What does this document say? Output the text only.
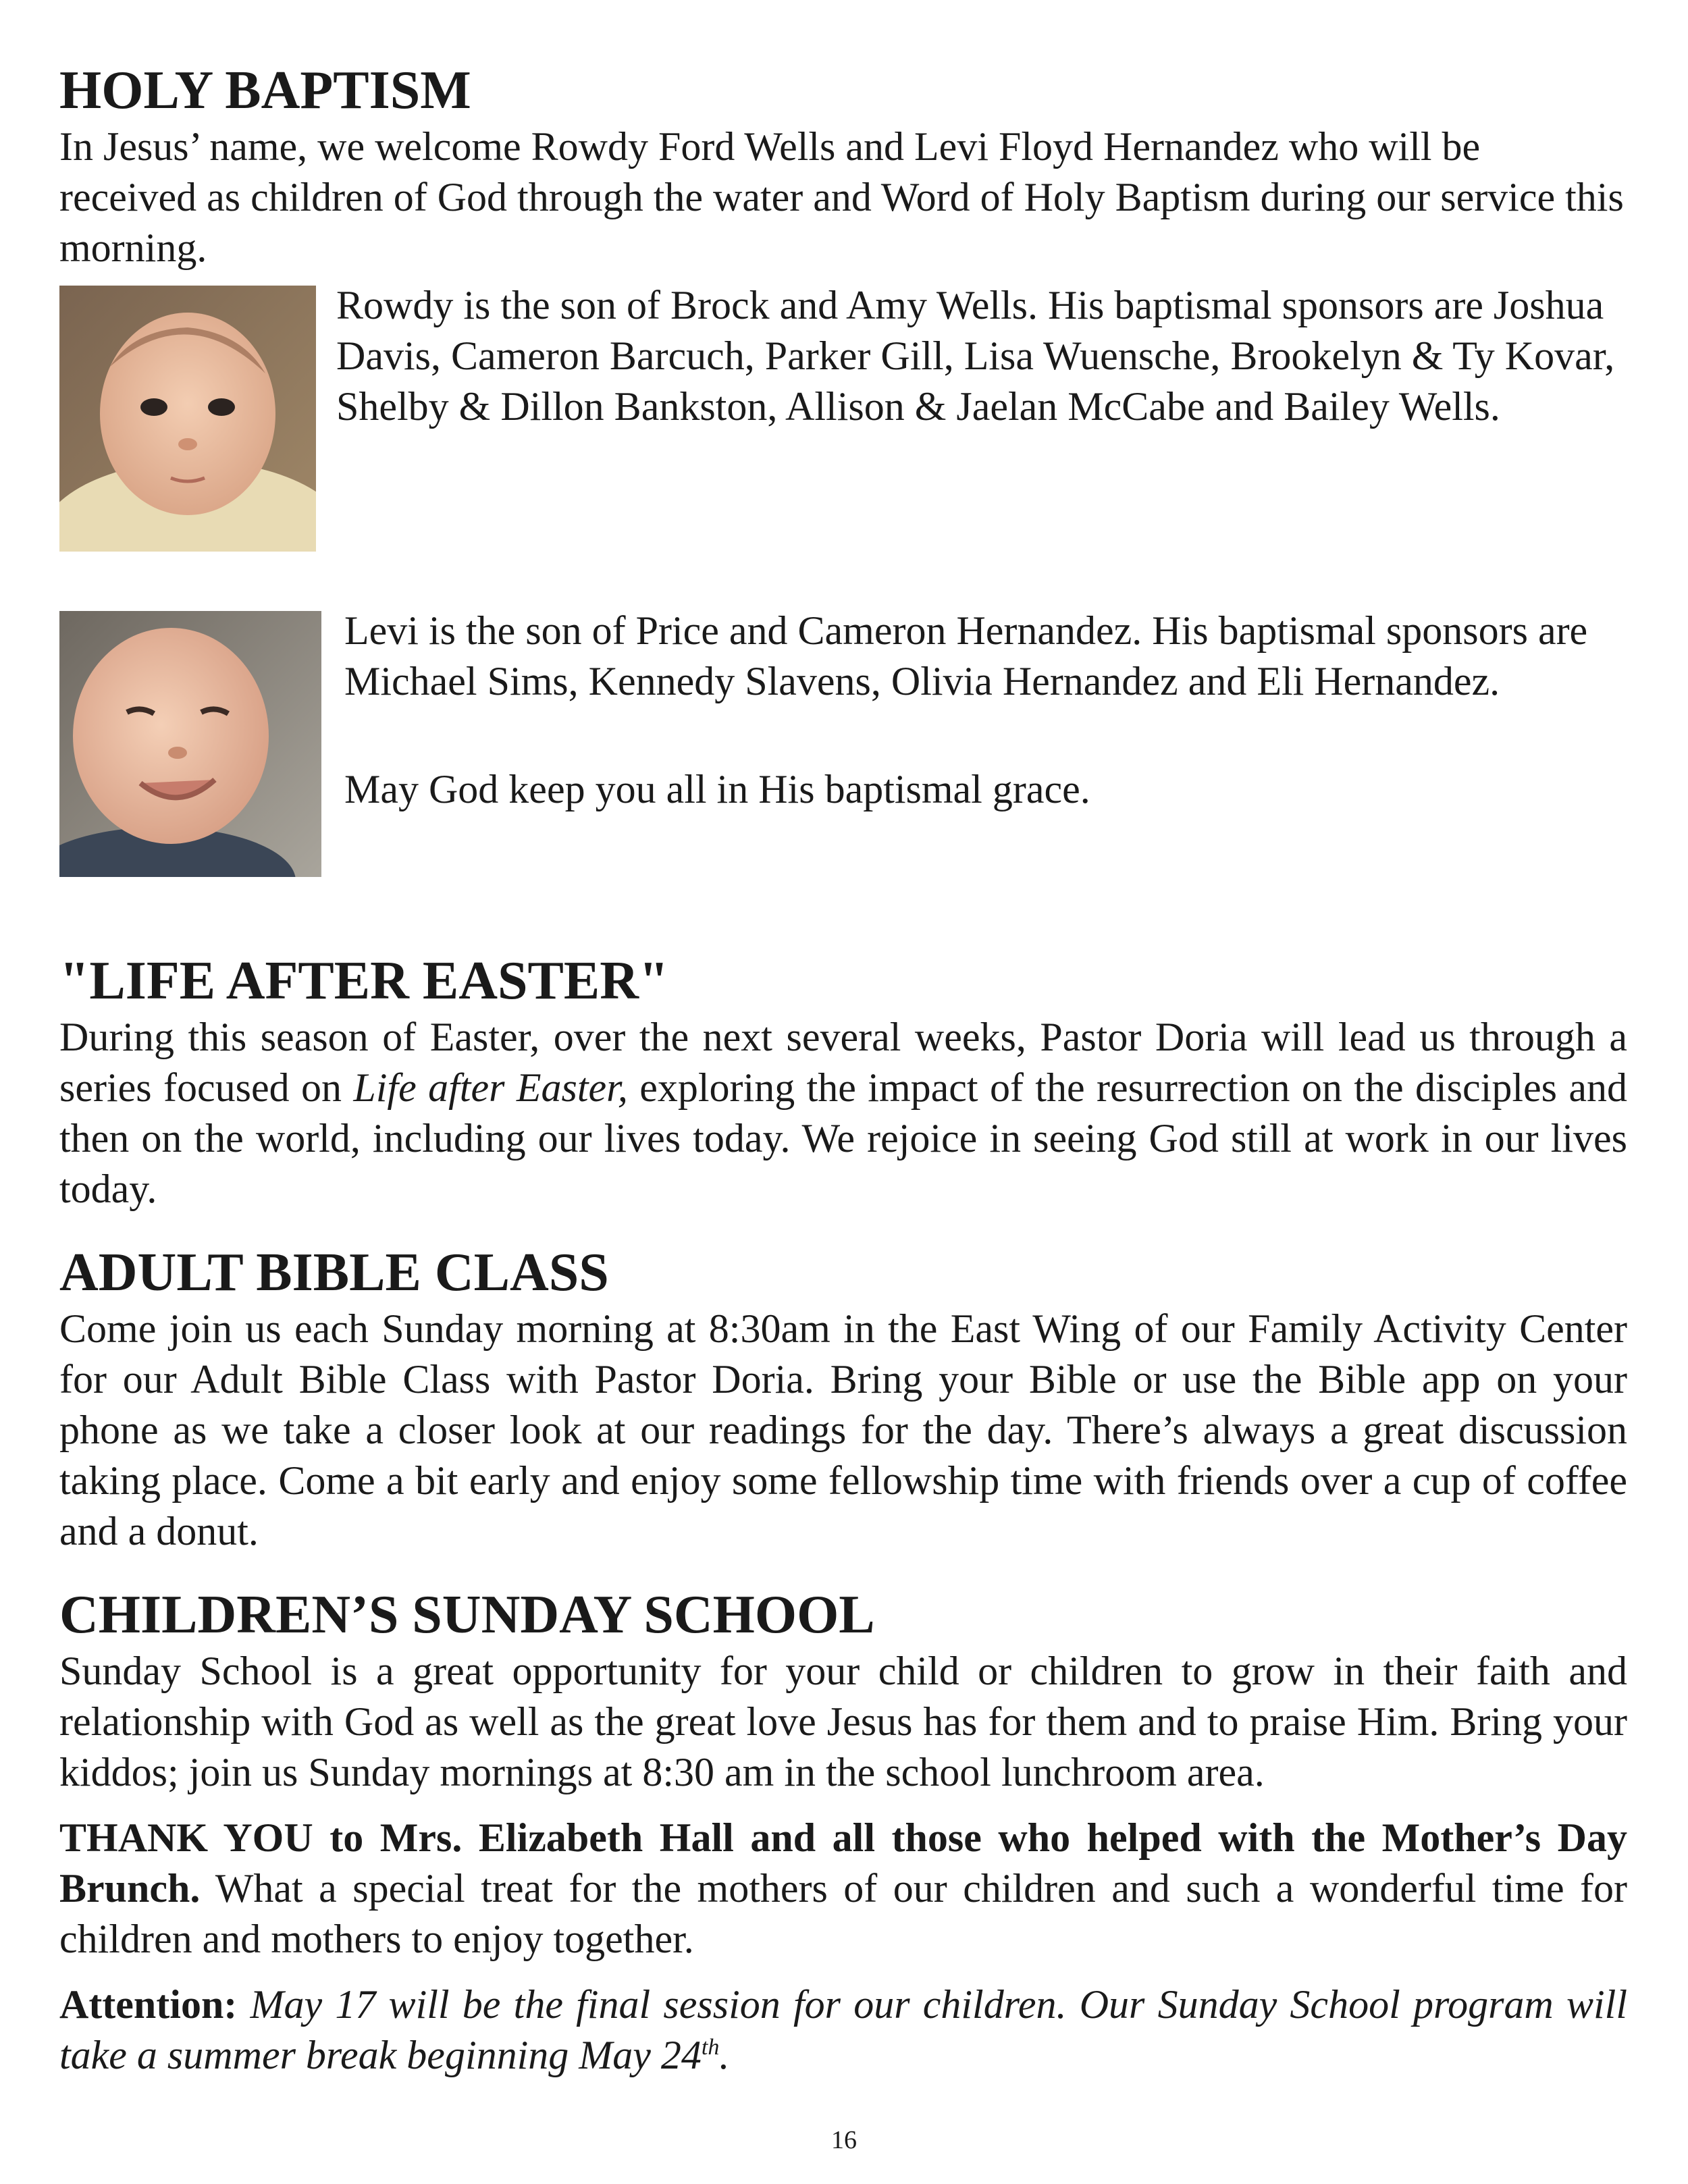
HOLY BAPTISM

In Jesus’ name, we welcome Rowdy Ford Wells and Levi Floyd Hernandez who will be received as children of God through the water and Word of Holy Baptism during our service this morning.

Rowdy is the son of Brock and Amy Wells. His baptismal sponsors are Joshua Davis, Cameron Barcuch, Parker Gill, Lisa Wuensche, Brookelyn & Ty Kovar, Shelby & Dillon Bankston, Allison & Jaelan McCabe and Bailey Wells.

Levi is the son of Price and Cameron Hernandez. His baptismal sponsors are Michael Sims, Kennedy Slavens, Olivia Hernandez and Eli Hernandez.

May God keep you all in His baptismal grace.

"LIFE AFTER EASTER"

During this season of Easter, over the next several weeks, Pastor Doria will lead us through a series focused on Life after Easter, exploring the impact of the resurrection on the disciples and then on the world, including our lives today. We rejoice in seeing God still at work in our lives today.

ADULT BIBLE CLASS

Come join us each Sunday morning at 8:30am in the East Wing of our Family Activity Center for our Adult Bible Class with Pastor Doria. Bring your Bible or use the Bible app on your phone as we take a closer look at our readings for the day. There’s always a great discussion taking place. Come a bit early and enjoy some fellowship time with friends over a cup of coffee and a donut.

CHILDREN’S SUNDAY SCHOOL

Sunday School is a great opportunity for your child or children to grow in their faith and relationship with God as well as the great love Jesus has for them and to praise Him. Bring your kiddos; join us Sunday mornings at 8:30 am in the school lunchroom area.

THANK YOU to Mrs. Elizabeth Hall and all those who helped with the Mother’s Day Brunch. What a special treat for the mothers of our children and such a wonderful time for children and mothers to enjoy together.

Attention: May 17 will be the final session for our children. Our Sunday School program will take a summer break beginning May 24th.

16
